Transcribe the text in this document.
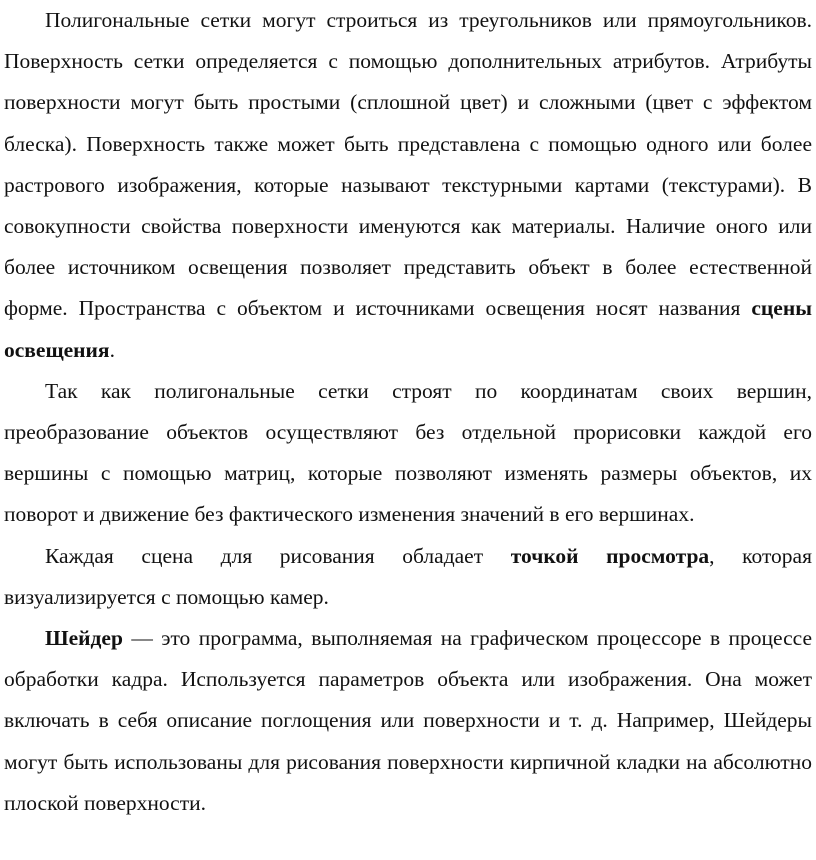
Полигональные сетки могут строиться из треугольников или прямоугольников. Поверхность сетки определяется с помощью дополнительных атрибутов. Атрибуты поверхности могут быть простыми (сплошной цвет) и сложными (цвет с эффектом блеска). Поверхность также может быть представлена с помощью одного или более растрового изображения, которые называют текстурными картами (текстурами). В совокупности свойства поверхности именуются как материалы. Наличие оного или более источником освещения позволяет представить объект в более естественной форме. Пространства с объектом и источниками освещения носят названия сцены освещения.

Так как полигональные сетки строят по координатам своих вершин, преобразование объектов осуществляют без отдельной прорисовки каждой его вершины с помощью матриц, которые позволяют изменять размеры объектов, их поворот и движение без фактического изменения значений в его вершинах.

Каждая сцена для рисования обладает точкой просмотра, которая визуализируется с помощью камер.

Шейдер — это программа, выполняемая на графическом процессоре в процессе обработки кадра. Используется параметров объекта или изображения. Она может включать в себя описание поглощения или поверхности и т. д. Например, Шейдеры могут быть использованы для рисования поверхности кирпичной кладки на абсолютно плоской поверхности.
